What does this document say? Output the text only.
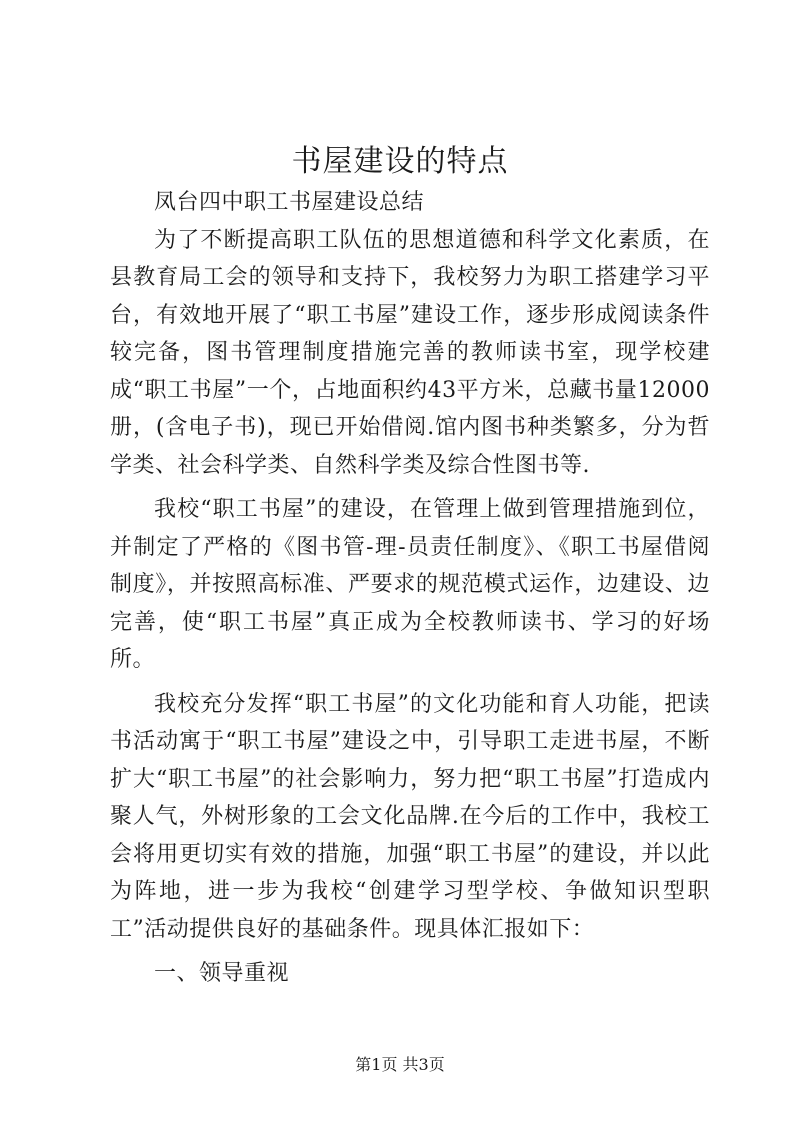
书屋建设的特点

凤台四中职工书屋建设总结

为了不断提高职工队伍的思想道德和科学文化素质，在县教育局工会的领导和支持下，我校努力为职工搭建学习平台，有效地开展了“职工书屋”建设工作，逐步形成阅读条件较完备，图书管理制度措施完善的教师读书室，现学校建成“职工书屋”一个，占地面积约43平方米，总藏书量12000册，(含电子书)，现已开始借阅.馆内图书种类繁多，分为哲学类、社会科学类、自然科学类及综合性图书等.

我校“职工书屋”的建设，在管理上做到管理措施到位，并制定了严格的《图书管-理-员责任制度》、《职工书屋借阅制度》，并按照高标准、严要求的规范模式运作，边建设、边完善，使“职工书屋”真正成为全校教师读书、学习的好场所。

我校充分发挥“职工书屋”的文化功能和育人功能，把读书活动寓于“职工书屋”建设之中，引导职工走进书屋，不断扩大“职工书屋”的社会影响力，努力把“职工书屋”打造成内聚人气，外树形象的工会文化品牌.在今后的工作中，我校工会将用更切实有效的措施，加强“职工书屋”的建设，并以此为阵地，进一步为我校“创建学习型学校、争做知识型职工”活动提供良好的基础条件。现具体汇报如下：

一、领导重视

第1页 共3页
